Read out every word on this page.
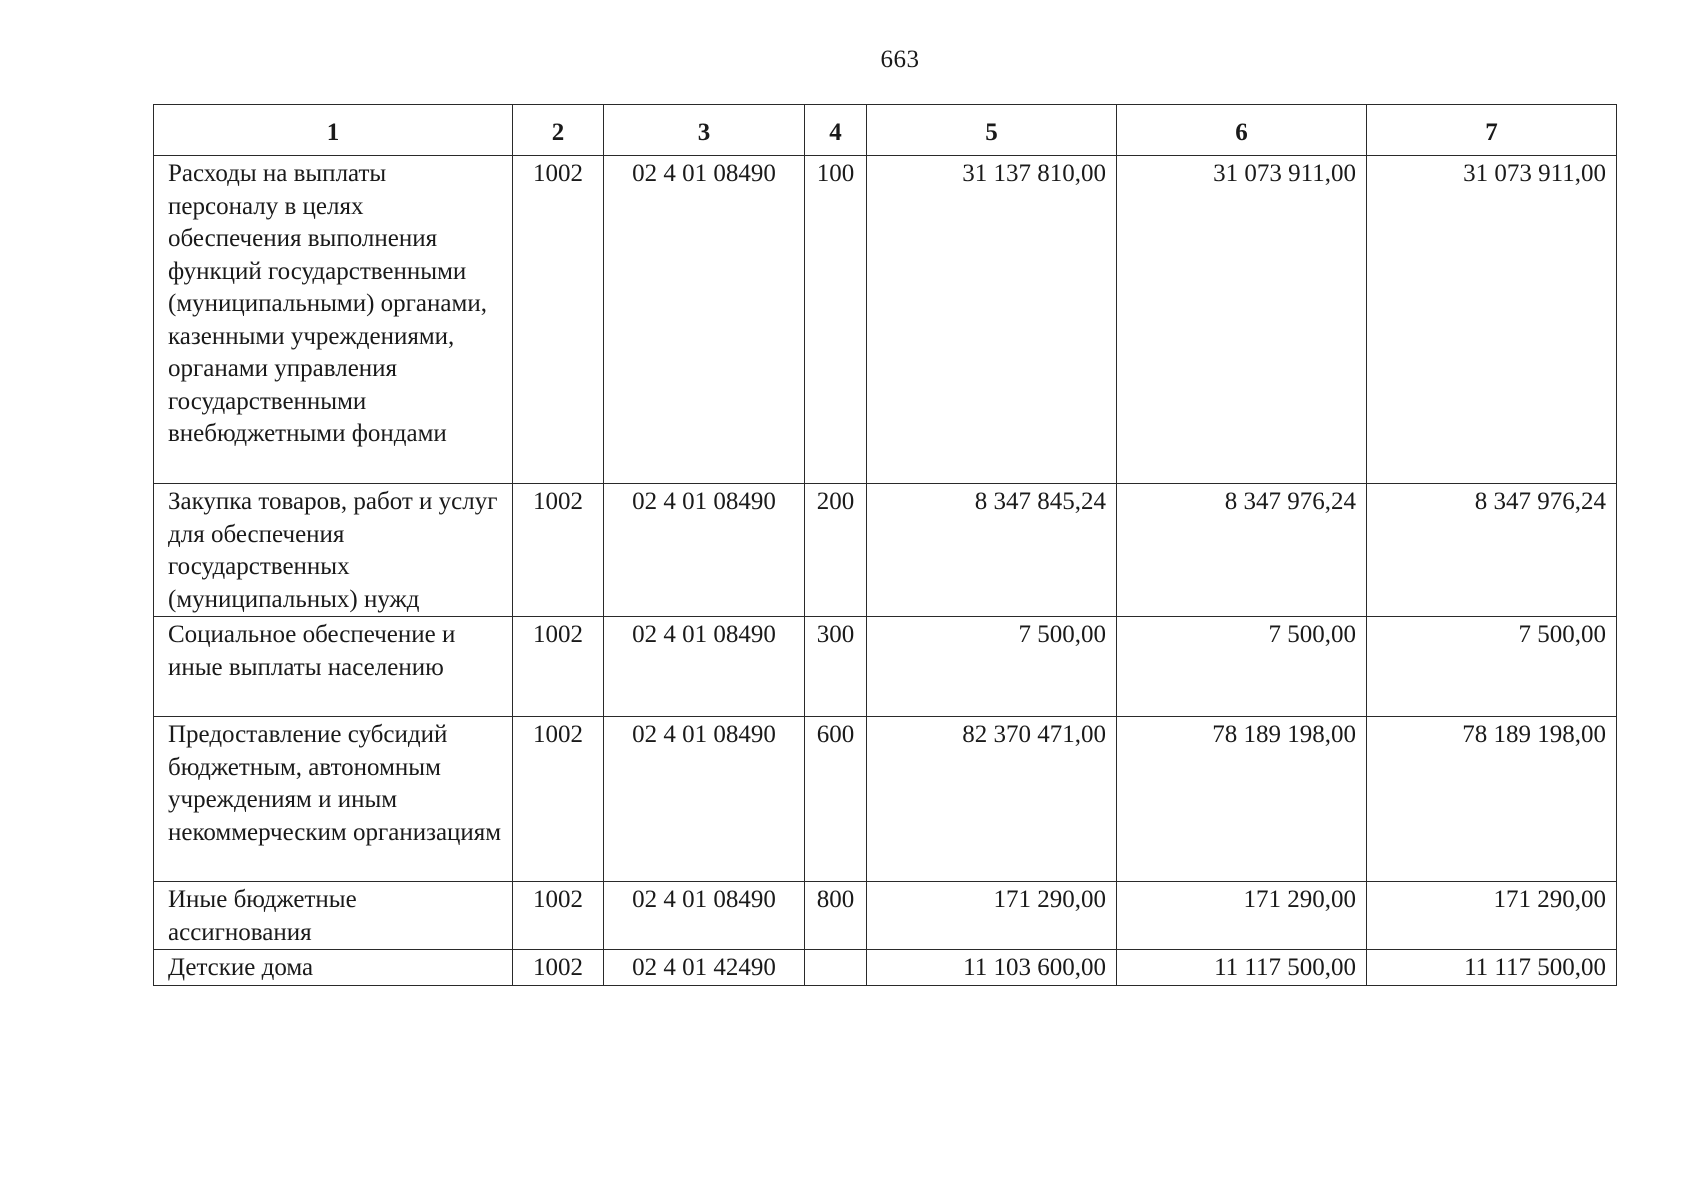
663
1	2	3	4	5	6	7
Расходы на выплаты персоналу в целях обеспечения выполнения функций государственными (муниципальными) органами, казенными учреждениями, органами управления государственными внебюджетными фондами	1002	02 4 01 08490	100	31 137 810,00	31 073 911,00	31 073 911,00
Закупка товаров, работ и услуг для обеспечения государственных (муниципальных) нужд	1002	02 4 01 08490	200	8 347 845,24	8 347 976,24	8 347 976,24
Социальное обеспечение и иные выплаты населению	1002	02 4 01 08490	300	7 500,00	7 500,00	7 500,00
Предоставление субсидий бюджетным, автономным учреждениям и иным некоммерческим организациям	1002	02 4 01 08490	600	82 370 471,00	78 189 198,00	78 189 198,00
Иные бюджетные ассигнования	1002	02 4 01 08490	800	171 290,00	171 290,00	171 290,00
Детские дома	1002	02 4 01 42490		11 103 600,00	11 117 500,00	11 117 500,00
